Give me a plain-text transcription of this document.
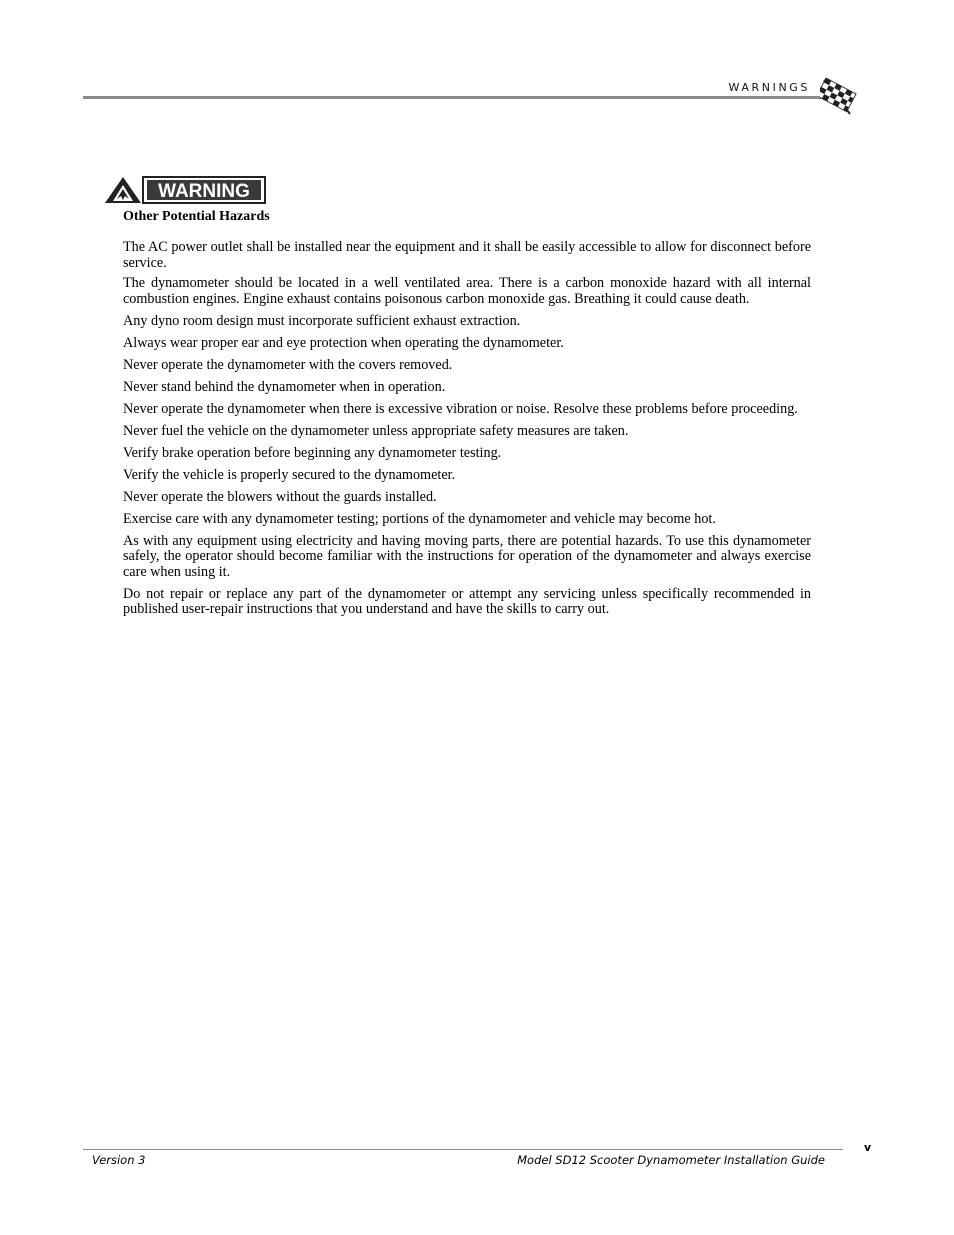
WARNINGS
WARNING
Other Potential Hazards

The AC power outlet shall be installed near the equipment and it shall be easily accessible to allow for disconnect before service.

The dynamometer should be located in a well ventilated area. There is a carbon monoxide hazard with all internal combustion engines. Engine exhaust contains poisonous carbon monoxide gas. Breathing it could cause death.

Any dyno room design must incorporate sufficient exhaust extraction.

Always wear proper ear and eye protection when operating the dynamometer.

Never operate the dynamometer with the covers removed.

Never stand behind the dynamometer when in operation.

Never operate the dynamometer when there is excessive vibration or noise. Resolve these problems before proceeding.

Never fuel the vehicle on the dynamometer unless appropriate safety measures are taken.

Verify brake operation before beginning any dynamometer testing.

Verify the vehicle is properly secured to the dynamometer.

Never operate the blowers without the guards installed.

Exercise care with any dynamometer testing; portions of the dynamometer and vehicle may become hot.

As with any equipment using electricity and having moving parts, there are potential hazards. To use this dynamometer safely, the operator should become familiar with the instructions for operation of the dynamometer and always exercise care when using it.

Do not repair or replace any part of the dynamometer or attempt any servicing unless specifically recommended in published user-repair instructions that you understand and have the skills to carry out.

v
Version 3	Model SD12 Scooter Dynamometer Installation Guide
